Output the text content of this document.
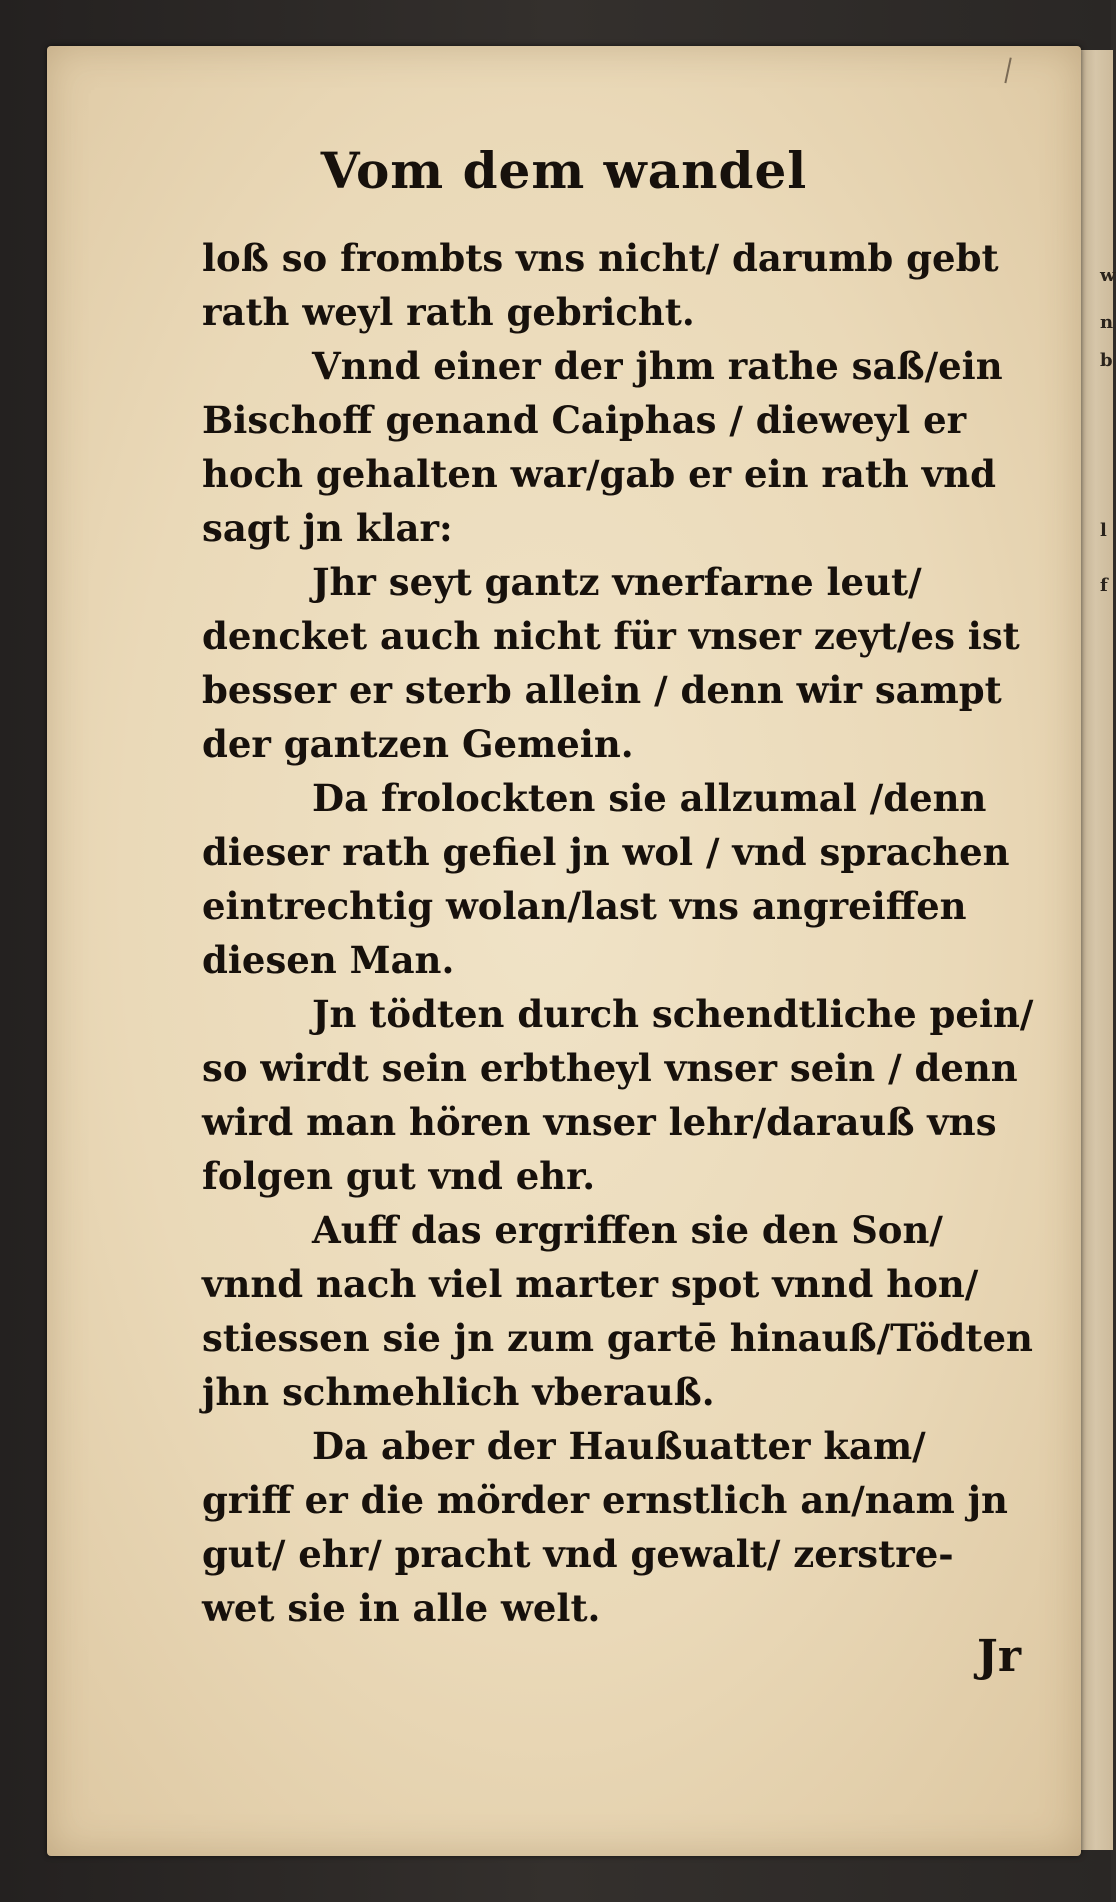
w
n
b
l
f
Vom dem wandel

loß so frombts vns nicht/ darumb gebt
rath weyl rath gebricht.

Vnnd einer der jhm rathe saß/ein
Bischoff genand Caiphas / dieweyl er
hoch gehalten war/gab er ein rath vnd
sagt jn klar:

Jhr seyt gantz vnerfarne leut/
dencket auch nicht für vnser zeyt/es ist
besser er sterb allein / denn wir sampt
der gantzen Gemein.

Da frolockten sie allzumal /denn
dieser rath gefiel jn wol / vnd sprachen
eintrechtig wolan/last vns angreiffen
diesen Man.

Jn tödten durch schendtliche pein/
so wirdt sein erbtheyl vnser sein / denn
wird man hören vnser lehr/darauß vns
folgen gut vnd ehr.

Auff das ergriffen sie den Son/
vnnd nach viel marter spot vnnd hon/
stiessen sie jn zum gartē hinauß/Tödten
jhn schmehlich vberauß.

Da aber der Haußuatter kam/
griff er die mörder ernstlich an/nam jn
gut/ ehr/ pracht vnd gewalt/ zerstre-
wet sie in alle welt.

Jr
